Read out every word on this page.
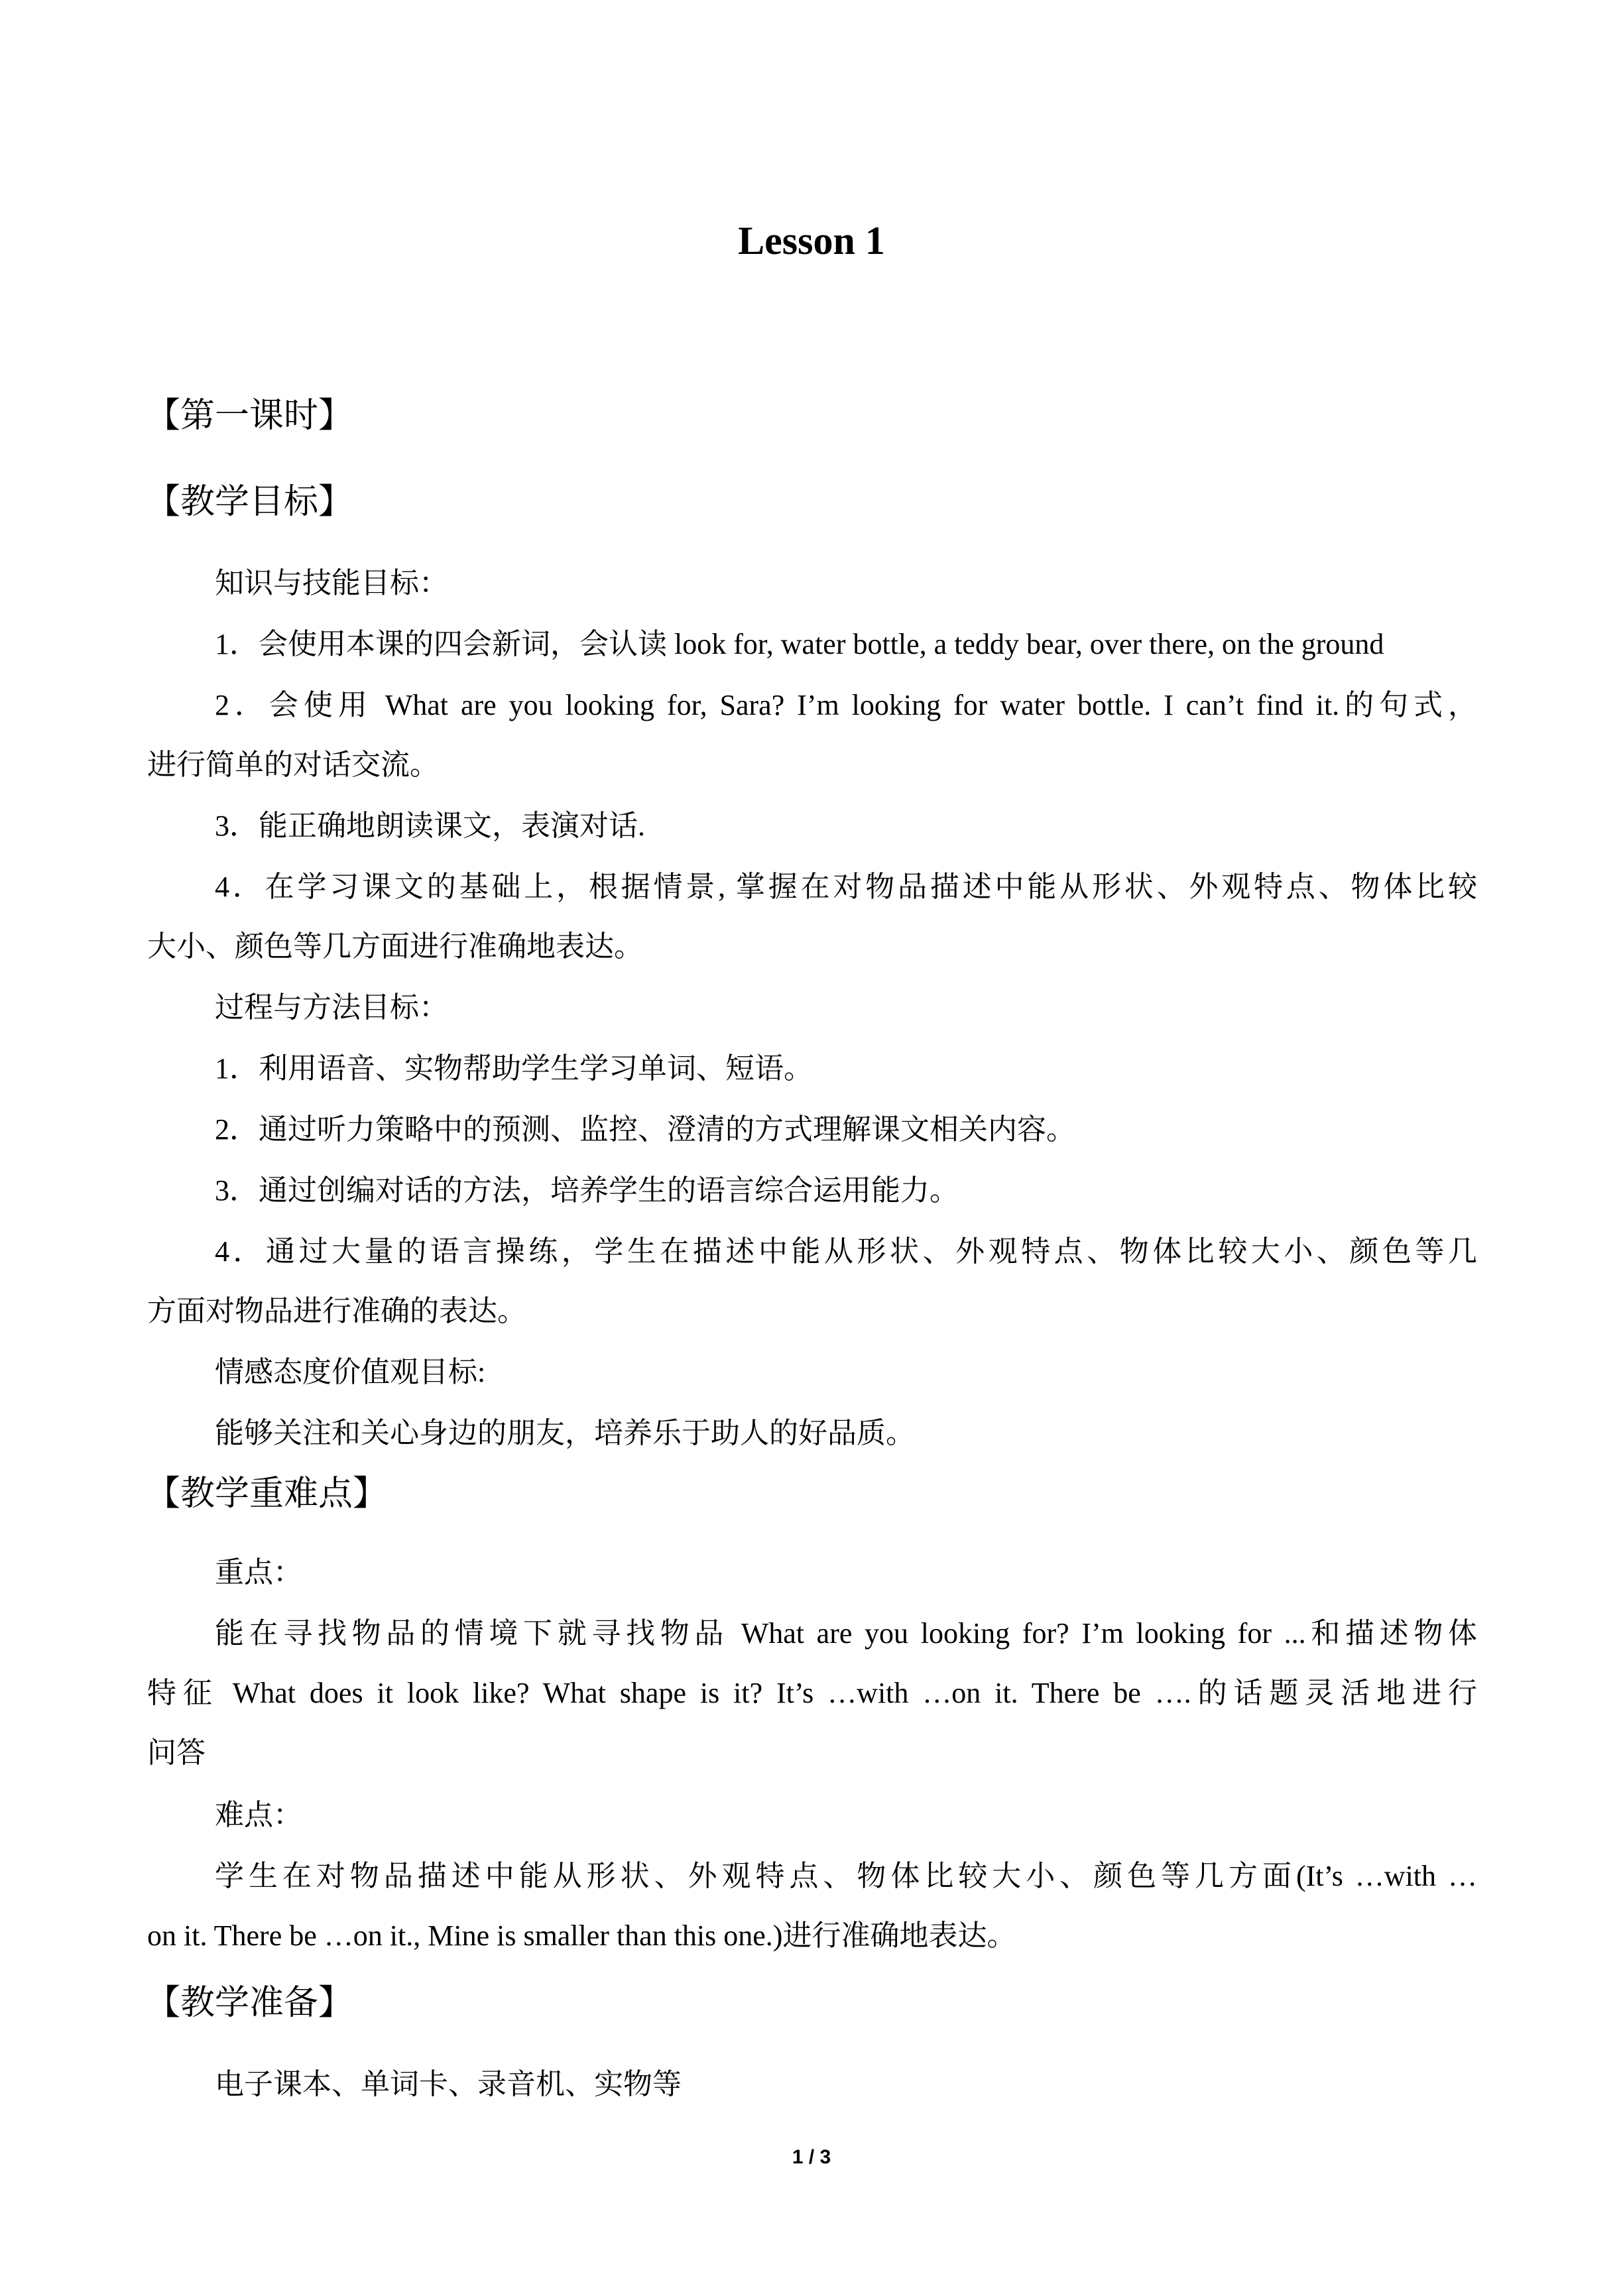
Lesson 1
【第一课时】
【教学目标】
知识与技能目标：
1．会使用本课的四会新词，会认读 look for, water bottle, a teddy bear, over there, on the ground
2．会使用 What are you looking for, Sara? I’m looking for water bottle. I can’t find it.的句式，
进行简单的对话交流。
3．能正确地朗读课文，表演对话.
4．在学习课文的基础上，根据情景, 掌握在对物品描述中能从形状、外观特点、物体比较
大小、颜色等几方面进行准确地表达。
过程与方法目标：
1．利用语音、实物帮助学生学习单词、短语。
2．通过听力策略中的预测、监控、澄清的方式理解课文相关内容。
3．通过创编对话的方法，培养学生的语言综合运用能力。
4．通过大量的语言操练，学生在描述中能从形状、外观特点、物体比较大小、颜色等几
方面对物品进行准确的表达。
情感态度价值观目标:
能够关注和关心身边的朋友，培养乐于助人的好品质。
【教学重难点】
重点：
能在寻找物品的情境下就寻找物品 What are you looking for? I’m looking for ...和描述物体
特征 What does it look like? What shape is it? It’s …with …on it. There be ….的话题灵活地进行
问答
难点：
学生在对物品描述中能从形状、外观特点、物体比较大小、颜色等几方面(It’s …with …
on it. There be …on it., Mine is smaller than this one.)进行准确地表达。
【教学准备】
电子课本、单词卡、录音机、实物等
1 / 3
